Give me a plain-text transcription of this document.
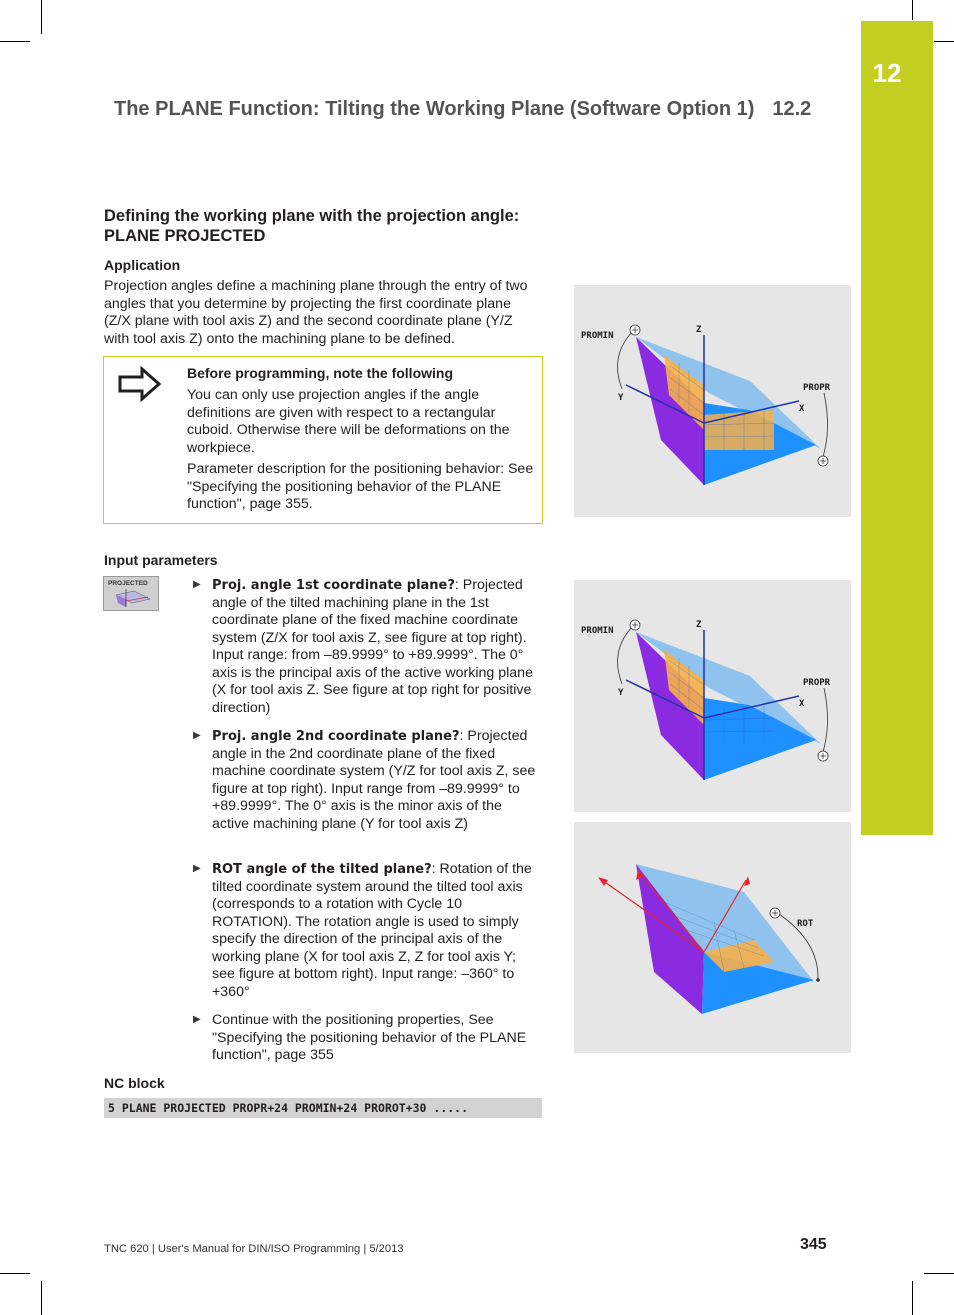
12
The PLANE Function: Tilting the Working Plane (Software Option 1) 12.2
Defining the working plane with the projection angle:
PLANE PROJECTED
Application
Projection angles define a machining plane through the entry of two angles that you determine by projecting the first coordinate plane (Z/X plane with tool axis Z) and the second coordinate plane (Y/Z with tool axis Z) onto the machining plane to be defined.
Before programming, note the following
You can only use projection angles if the angle definitions are given with respect to a rectangular cuboid. Otherwise there will be deformations on the workpiece.
Parameter description for the positioning behavior: See "Specifying the positioning behavior of the PLANE function", page 355.
PROMIN
Z
PROPR
X
Y
Input parameters
PROJECTED	▶ Proj. angle 1st coordinate plane?: Projected angle of the tilted machining plane in the 1st coordinate plane of the fixed machine coordinate system (Z/X for tool axis Z, see figure at top right). Input range: from –89.9999° to +89.9999°. The 0° axis is the principal axis of the active working plane (X for tool axis Z. See figure at top right for positive direction)
▶ Proj. angle 2nd coordinate plane?: Projected angle in the 2nd coordinate plane of the fixed machine coordinate system (Y/Z for tool axis Z, see figure at top right). Input range from –89.9999° to +89.9999°. The 0° axis is the minor axis of the active machining plane (Y for tool axis Z)
▶ ROT angle of the tilted plane?: Rotation of the tilted coordinate system around the tilted tool axis (corresponds to a rotation with Cycle 10 ROTATION). The rotation angle is used to simply specify the direction of the principal axis of the working plane (X for tool axis Z, Z for tool axis Y; see figure at bottom right). Input range: –360° to +360°
▶ Continue with the positioning properties, See "Specifying the positioning behavior of the PLANE function", page 355
PROMIN
Z
PROPR
X
Y
ROT
NC block
5 PLANE PROJECTED PROPR+24 PROMIN+24 PROROT+30 .....
TNC 620 | User's Manual for DIN/ISO Programming | 5/2013	345
